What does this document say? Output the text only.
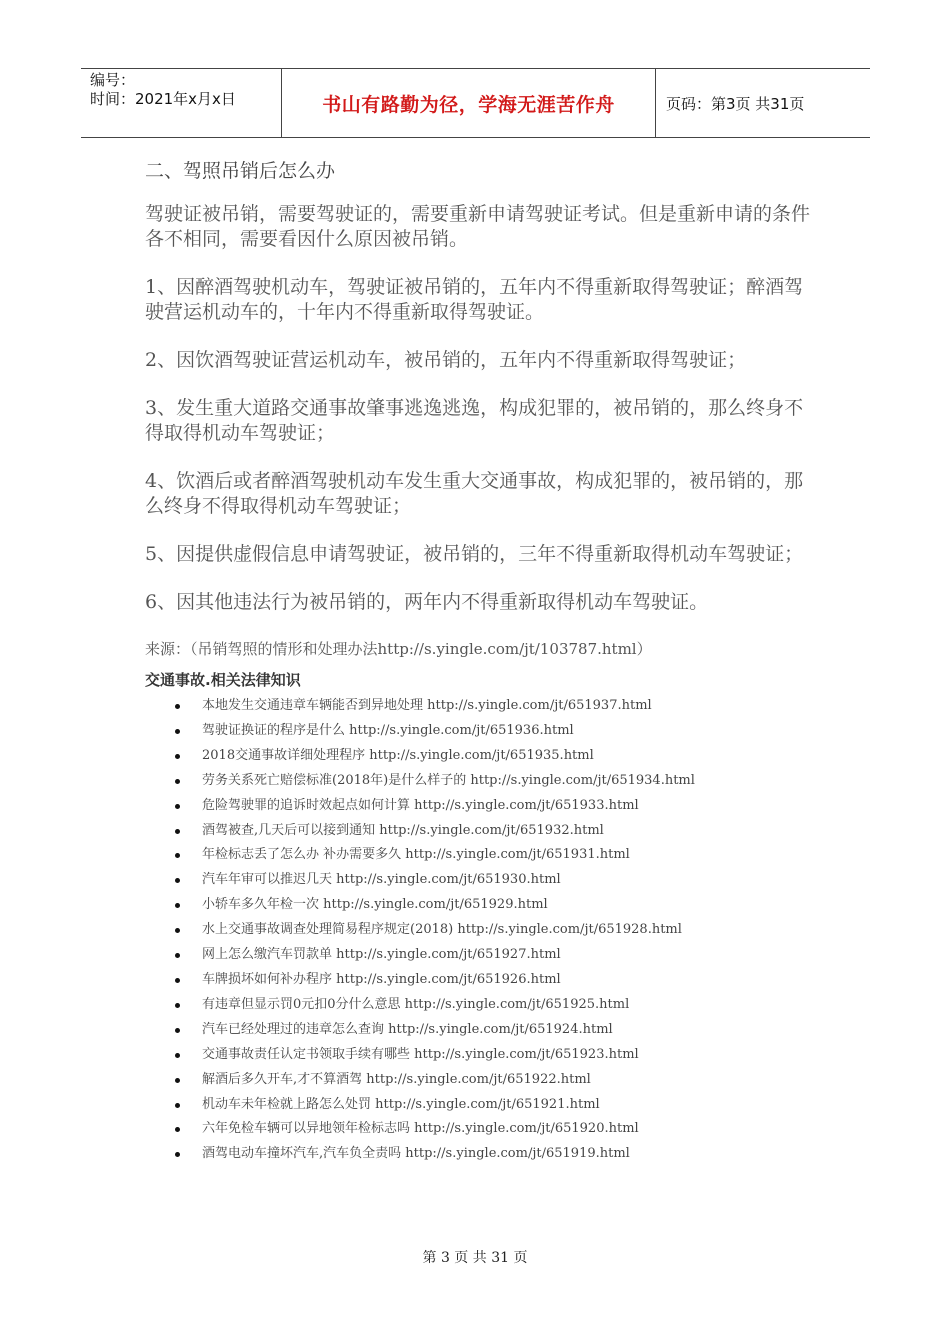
编号：
时间：2021年x月x日	书山有路勤为径，学海无涯苦作舟	页码：第3页 共31页
二、驾照吊销后怎么办
驾驶证被吊销，需要驾驶证的，需要重新申请驾驶证考试。但是重新申请的条件各不相同，需要看因什么原因被吊销。
1、因醉酒驾驶机动车，驾驶证被吊销的，五年内不得重新取得驾驶证；醉酒驾驶营运机动车的，十年内不得重新取得驾驶证。
2、因饮酒驾驶证营运机动车，被吊销的，五年内不得重新取得驾驶证；
3、发生重大道路交通事故肇事逃逸逃逸，构成犯罪的，被吊销的，那么终身不得取得机动车驾驶证；
4、饮酒后或者醉酒驾驶机动车发生重大交通事故，构成犯罪的，被吊销的，那么终身不得取得机动车驾驶证；
5、因提供虚假信息申请驾驶证，被吊销的，三年不得重新取得机动车驾驶证；
6、因其他违法行为被吊销的，两年内不得重新取得机动车驾驶证。
来源：（吊销驾照的情形和处理办法http://s.yingle.com/jt/103787.html）
交通事故.相关法律知识
本地发生交通违章车辆能否到异地处理 http://s.yingle.com/jt/651937.html
驾驶证换证的程序是什么 http://s.yingle.com/jt/651936.html
2018交通事故详细处理程序 http://s.yingle.com/jt/651935.html
劳务关系死亡赔偿标准(2018年)是什么样子的 http://s.yingle.com/jt/651934.html
危险驾驶罪的追诉时效起点如何计算 http://s.yingle.com/jt/651933.html
酒驾被查,几天后可以接到通知 http://s.yingle.com/jt/651932.html
年检标志丢了怎么办 补办需要多久 http://s.yingle.com/jt/651931.html
汽车年审可以推迟几天 http://s.yingle.com/jt/651930.html
小轿车多久年检一次 http://s.yingle.com/jt/651929.html
水上交通事故调查处理简易程序规定(2018) http://s.yingle.com/jt/651928.html
网上怎么缴汽车罚款单 http://s.yingle.com/jt/651927.html
车牌损坏如何补办程序 http://s.yingle.com/jt/651926.html
有违章但显示罚0元扣0分什么意思 http://s.yingle.com/jt/651925.html
汽车已经处理过的违章怎么查询 http://s.yingle.com/jt/651924.html
交通事故责任认定书领取手续有哪些 http://s.yingle.com/jt/651923.html
解酒后多久开车,才不算酒驾 http://s.yingle.com/jt/651922.html
机动车未年检就上路怎么处罚 http://s.yingle.com/jt/651921.html
六年免检车辆可以异地领年检标志吗 http://s.yingle.com/jt/651920.html
酒驾电动车撞坏汽车,汽车负全责吗 http://s.yingle.com/jt/651919.html
第 3 页 共 31 页
